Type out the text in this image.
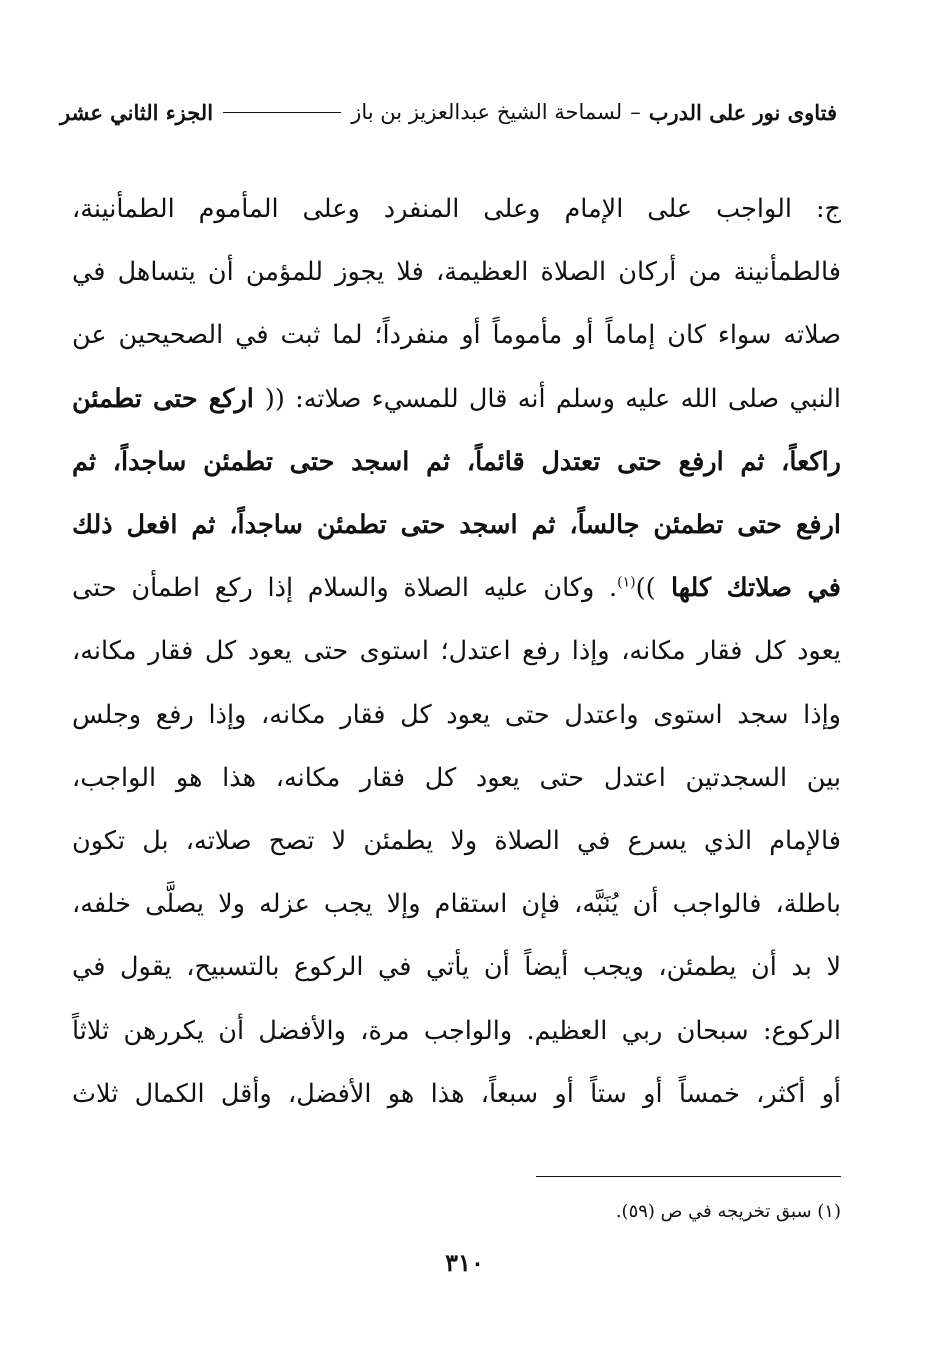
فتاوى نور على الدرب
–
لسماحة الشيخ عبدالعزيز بن باز
الجزء الثاني عشر

ج: الواجب على الإمام وعلى المنفرد وعلى المأموم الطمأنينة،

فالطمأنينة من أركان الصلاة العظيمة، فلا يجوز للمؤمن أن يتساهل في

صلاته سواء كان إماماً أو مأموماً أو منفرداً؛ لما ثبت في الصحيحين عن

النبي صلى الله عليه وسلم أنه قال للمسيء صلاته: (( اركع حتى تطمئن

راكعاً، ثم ارفع حتى تعتدل قائماً، ثم اسجد حتى تطمئن ساجداً، ثم

ارفع حتى تطمئن جالساً، ثم اسجد حتى تطمئن ساجداً، ثم افعل ذلك

في صلاتك كلها ))$^{(١)}$. وكان عليه الصلاة والسلام إذا ركع اطمأن حتى

يعود كل فقار مكانه، وإذا رفع اعتدل؛ استوى حتى يعود كل فقار مكانه،

وإذا سجد استوى واعتدل حتى يعود كل فقار مكانه، وإذا رفع وجلس

بين السجدتين اعتدل حتى يعود كل فقار مكانه، هذا هو الواجب،

فالإمام الذي يسرع في الصلاة ولا يطمئن لا تصح صلاته، بل تكون

باطلة، فالواجب أن يُنَبَّه، فإن استقام وإلا يجب عزله ولا يصلَّى خلفه،

لا بد أن يطمئن، ويجب أيضاً أن يأتي في الركوع بالتسبيح، يقول في

الركوع: سبحان ربي العظيم. والواجب مرة، والأفضل أن يكررهن ثلاثاً

أو أكثر، خمساً أو ستاً أو سبعاً، هذا هو الأفضل، وأقل الكمال ثلاث

(١) سبق تخريجه في ص (٥٩).
٣١٠
